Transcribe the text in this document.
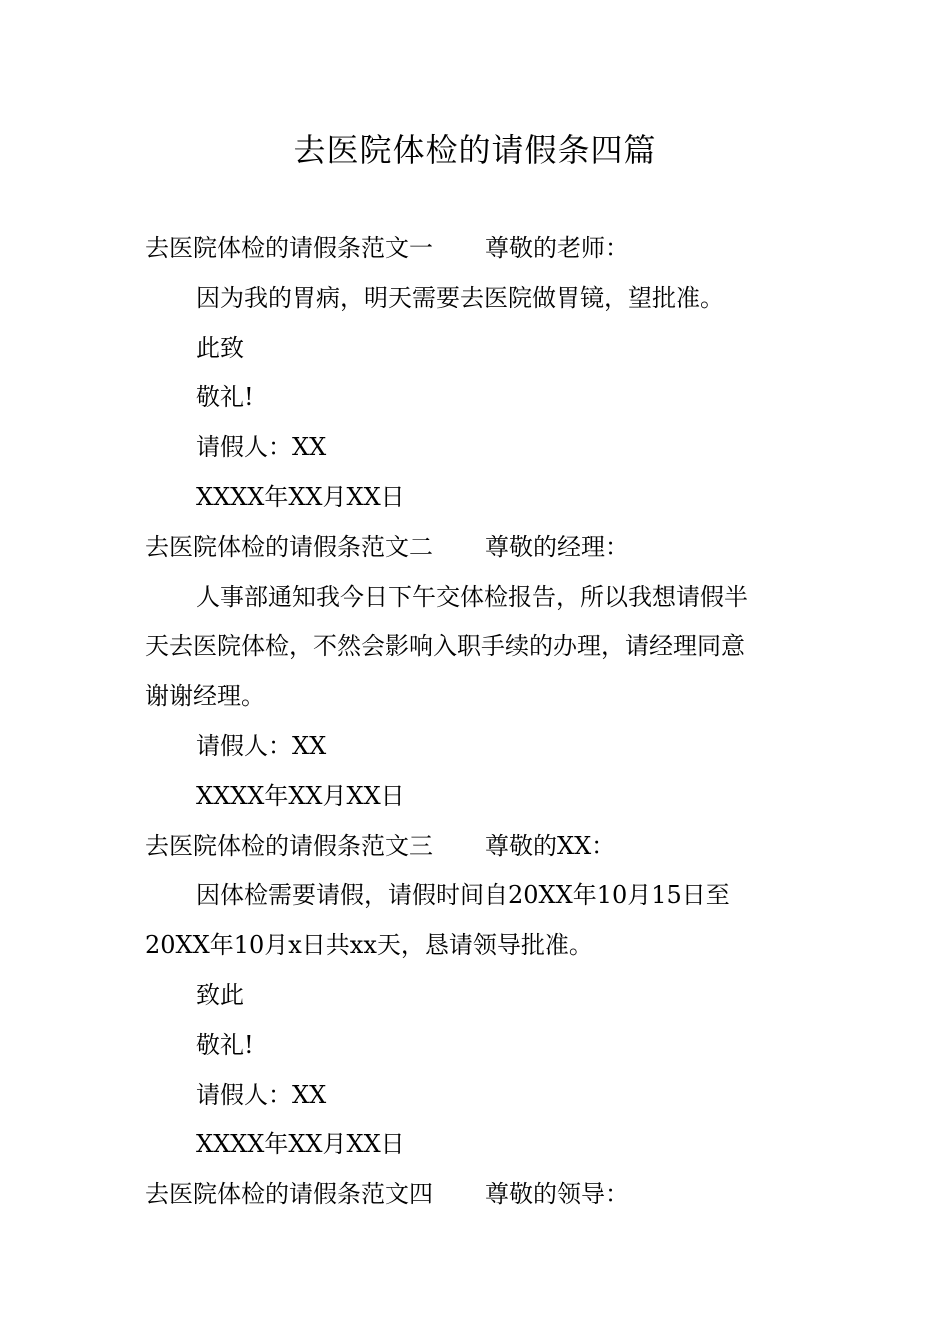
去医院体检的请假条四篇
去医院体检的请假条范文一 尊敬的老师：
因为我的胃病，明天需要去医院做胃镜，望批准。
此致
敬礼!
请假人：XX
XXXX年XX月XX日
去医院体检的请假条范文二 尊敬的经理：
人事部通知我今日下午交体检报告，所以我想请假半
天去医院体检，不然会影响入职手续的办理，请经理同意
谢谢经理。
请假人：XX
XXXX年XX月XX日
去医院体检的请假条范文三 尊敬的XX：
因体检需要请假，请假时间自20XX年10月15日至
20XX年10月x日共xx天，恳请领导批准。
致此
敬礼!
请假人：XX
XXXX年XX月XX日
去医院体检的请假条范文四 尊敬的领导：
